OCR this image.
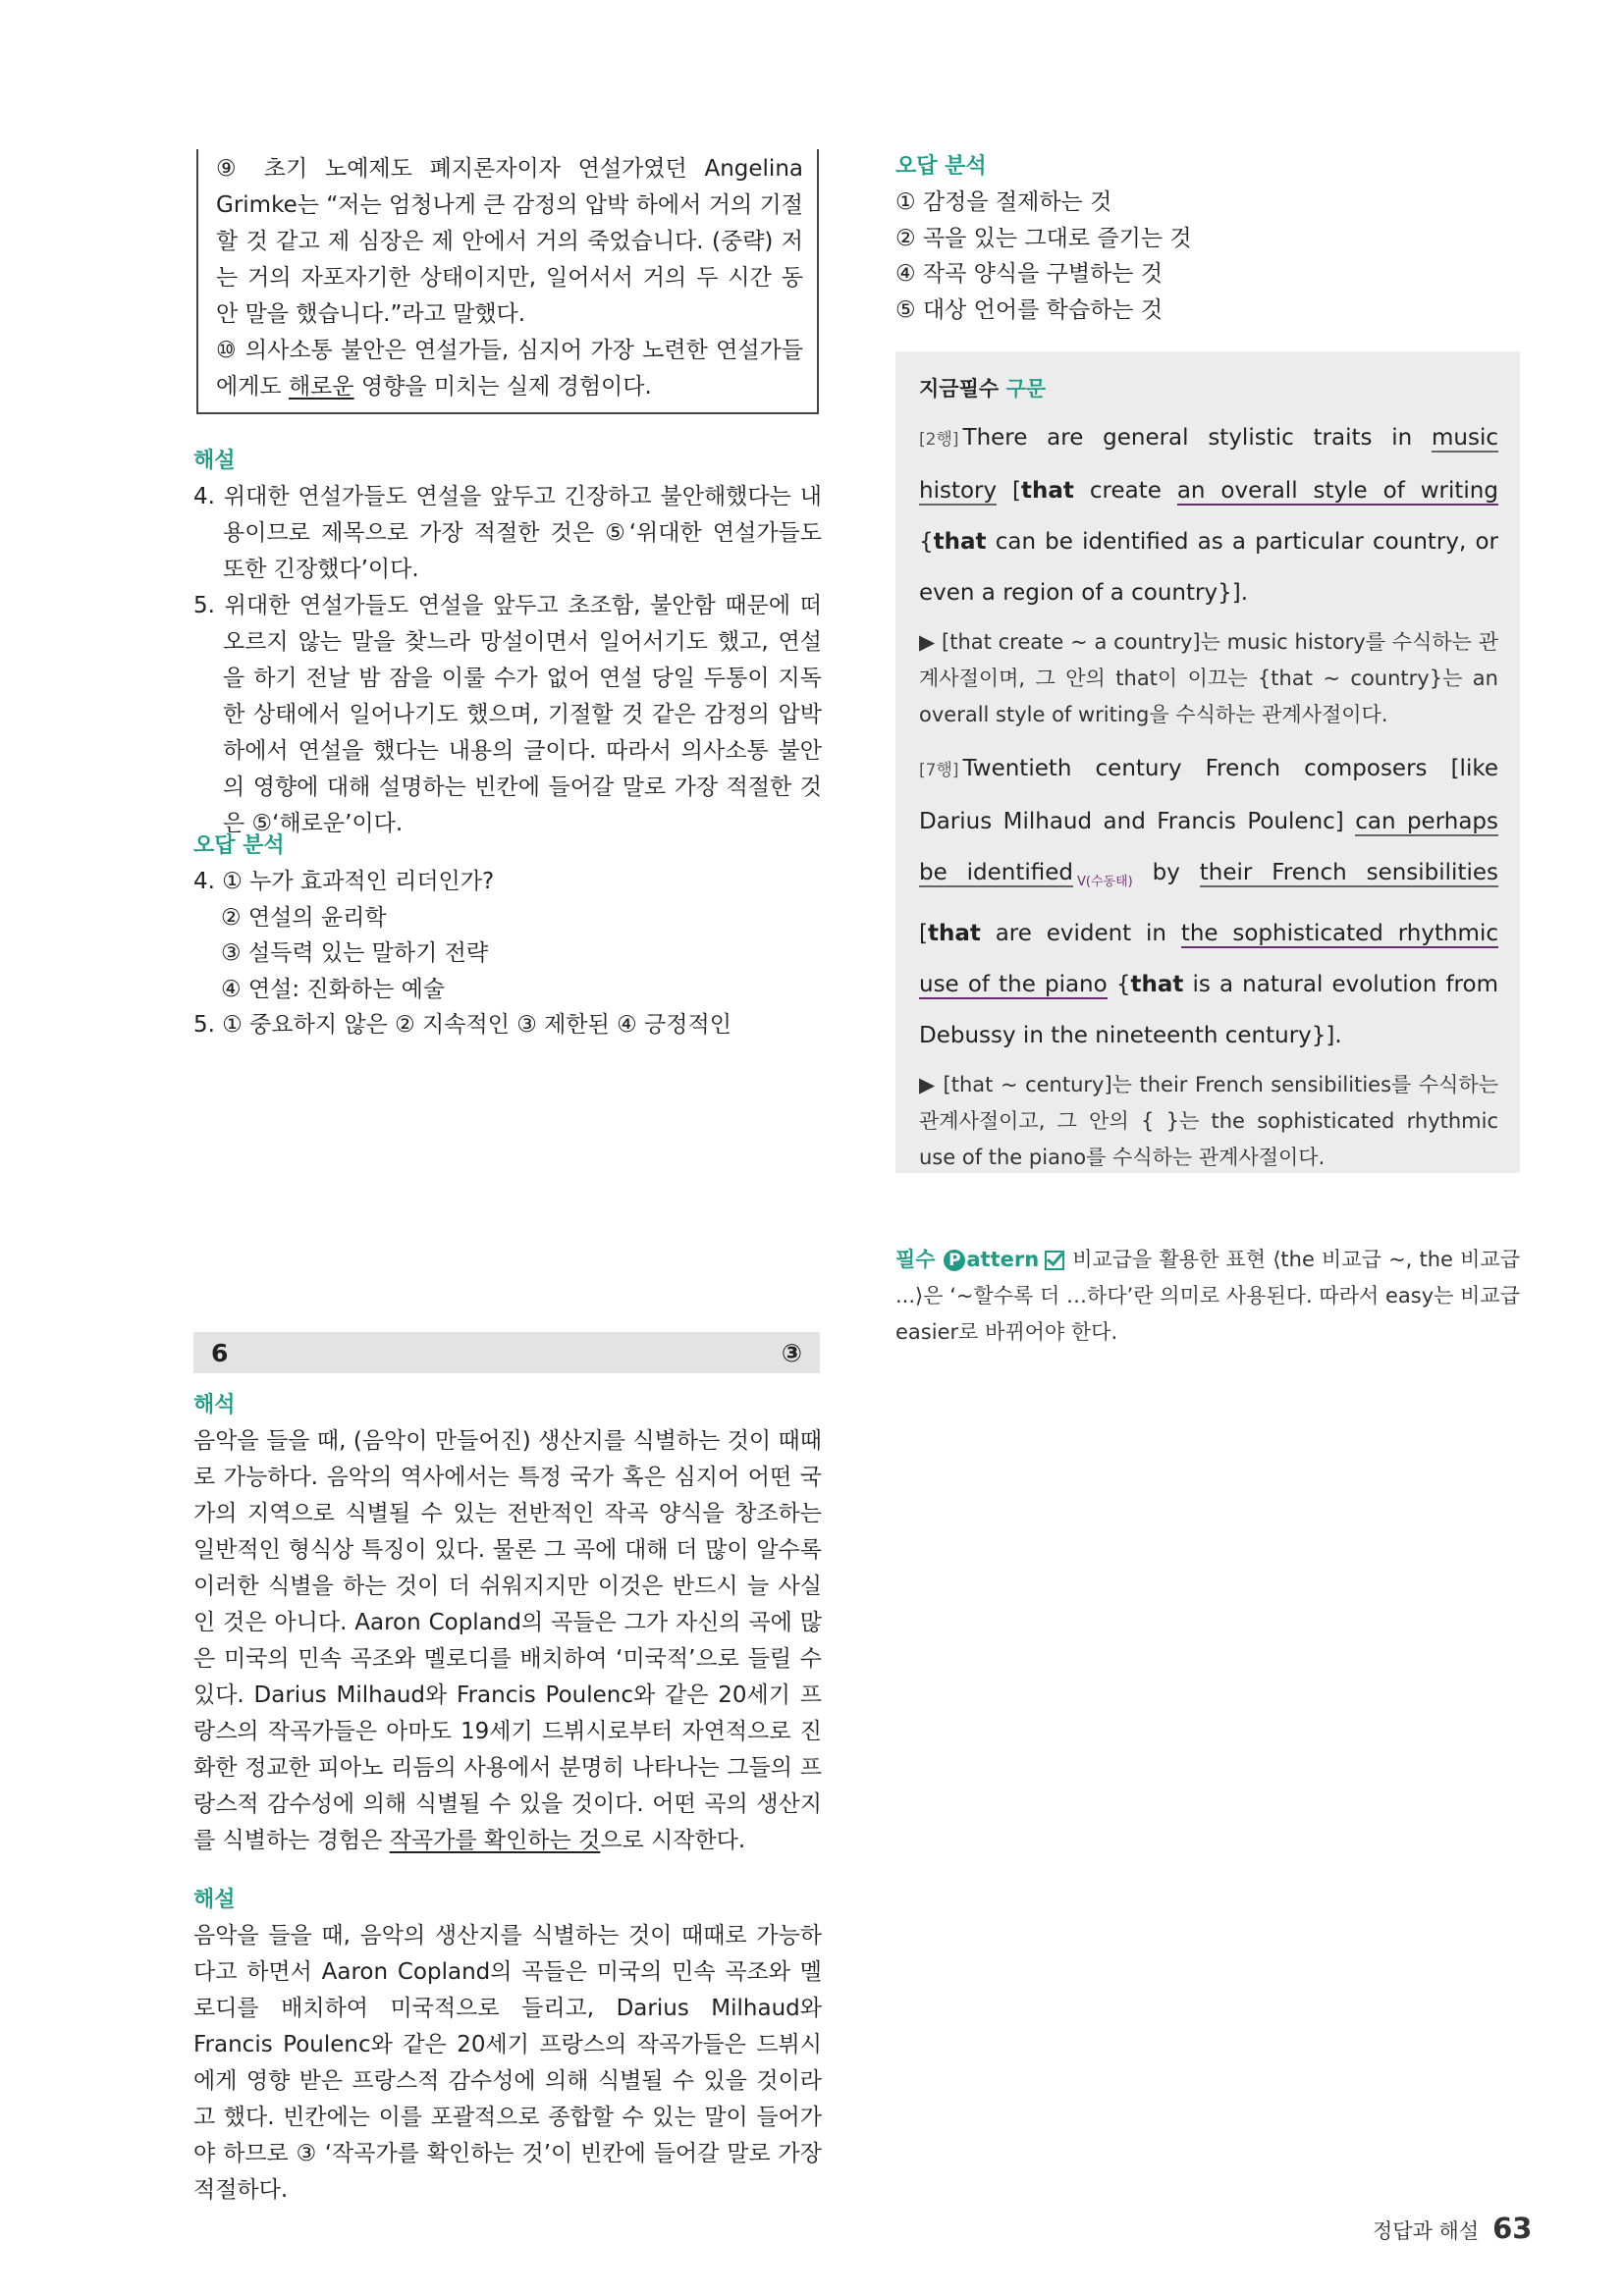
⑨ 초기 노예제도 폐지론자이자 연설가였던 Angelina Grimke는 “저는 엄청나게 큰 감정의 압박 하에서 거의 기절할 것 같고 제 심장은 제 안에서 거의 죽었습니다. (중략) 저는 거의 자포자기한 상태이지만, 일어서서 거의 두 시간 동안 말을 했습니다.”라고 말했다.

⑩ 의사소통 불안은 연설가들, 심지어 가장 노련한 연설가들에게도 해로운 영향을 미치는 실제 경험이다.

해설

4. 위대한 연설가들도 연설을 앞두고 긴장하고 불안해했다는 내용이므로 제목으로 가장 적절한 것은 ⑤‘위대한 연설가들도 또한 긴장했다’이다.

5. 위대한 연설가들도 연설을 앞두고 초조함, 불안함 때문에 떠오르지 않는 말을 찾느라 망설이면서 일어서기도 했고, 연설을 하기 전날 밤 잠을 이룰 수가 없어 연설 당일 두통이 지독한 상태에서 일어나기도 했으며, 기절할 것 같은 감정의 압박 하에서 연설을 했다는 내용의 글이다. 따라서 의사소통 불안의 영향에 대해 설명하는 빈칸에 들어갈 말로 가장 적절한 것은 ⑤‘해로운’이다.

오답 분석
4. ① 누가 효과적인 리더인가?
② 연설의 윤리학
③ 설득력 있는 말하기 전략
④ 연설: 진화하는 예술
5. ① 중요하지 않은 ② 지속적인 ③ 제한된 ④ 긍정적인
6	③
해석

음악을 들을 때, (음악이 만들어진) 생산지를 식별하는 것이 때때로 가능하다. 음악의 역사에서는 특정 국가 혹은 심지어 어떤 국가의 지역으로 식별될 수 있는 전반적인 작곡 양식을 창조하는 일반적인 형식상 특징이 있다. 물론 그 곡에 대해 더 많이 알수록 이러한 식별을 하는 것이 더 쉬워지지만 이것은 반드시 늘 사실인 것은 아니다. Aaron Copland의 곡들은 그가 자신의 곡에 많은 미국의 민속 곡조와 멜로디를 배치하여 ‘미국적’으로 들릴 수 있다. Darius Milhaud와 Francis Poulenc와 같은 20세기 프랑스의 작곡가들은 아마도 19세기 드뷔시로부터 자연적으로 진화한 정교한 피아노 리듬의 사용에서 분명히 나타나는 그들의 프랑스적 감수성에 의해 식별될 수 있을 것이다. 어떤 곡의 생산지를 식별하는 경험은 작곡가를 확인하는 것으로 시작한다.

해설

음악을 들을 때, 음악의 생산지를 식별하는 것이 때때로 가능하다고 하면서 Aaron Copland의 곡들은 미국의 민속 곡조와 멜로디를 배치하여 미국적으로 들리고, Darius Milhaud와 Francis Poulenc와 같은 20세기 프랑스의 작곡가들은 드뷔시에게 영향 받은 프랑스적 감수성에 의해 식별될 수 있을 것이라고 했다. 빈칸에는 이를 포괄적으로 종합할 수 있는 말이 들어가야 하므로 ③ ‘작곡가를 확인하는 것’이 빈칸에 들어갈 말로 가장 적절하다.

오답 분석
① 감정을 절제하는 것
② 곡을 있는 그대로 즐기는 것
④ 작곡 양식을 구별하는 것
⑤ 대상 언어를 학습하는 것
지금필수 구문

[2행] There are general stylistic traits in music history [that create an overall style of writing {that can be identified as a particular country, or even a region of a country}].

▶ [that create ~ a country]는 music history를 수식하는 관계사절이며, 그 안의 that이 이끄는 {that ~ country}는 an overall style of writing을 수식하는 관계사절이다.

[7행] Twentieth century French composers [like Darius Milhaud and Francis Poulenc] can perhaps be identified $_{V(수동태)}$ by their French sensibilities [that are evident in the sophisticated rhythmic use of the piano {that is a natural evolution from Debussy in the nineteenth century}].

▶ [that ~ century]는 their French sensibilities를 수식하는 관계사절이고, 그 안의 { }는 the sophisticated rhythmic use of the piano를 수식하는 관계사절이다.

필수 P attern 비교급을 활용한 표현 ⟨the 비교급 ~, the 비교급 ...⟩은 ‘~할수록 더 …하다’란 의미로 사용된다. 따라서 easy는 비교급 easier로 바뀌어야 한다.
정답과 해설 63
